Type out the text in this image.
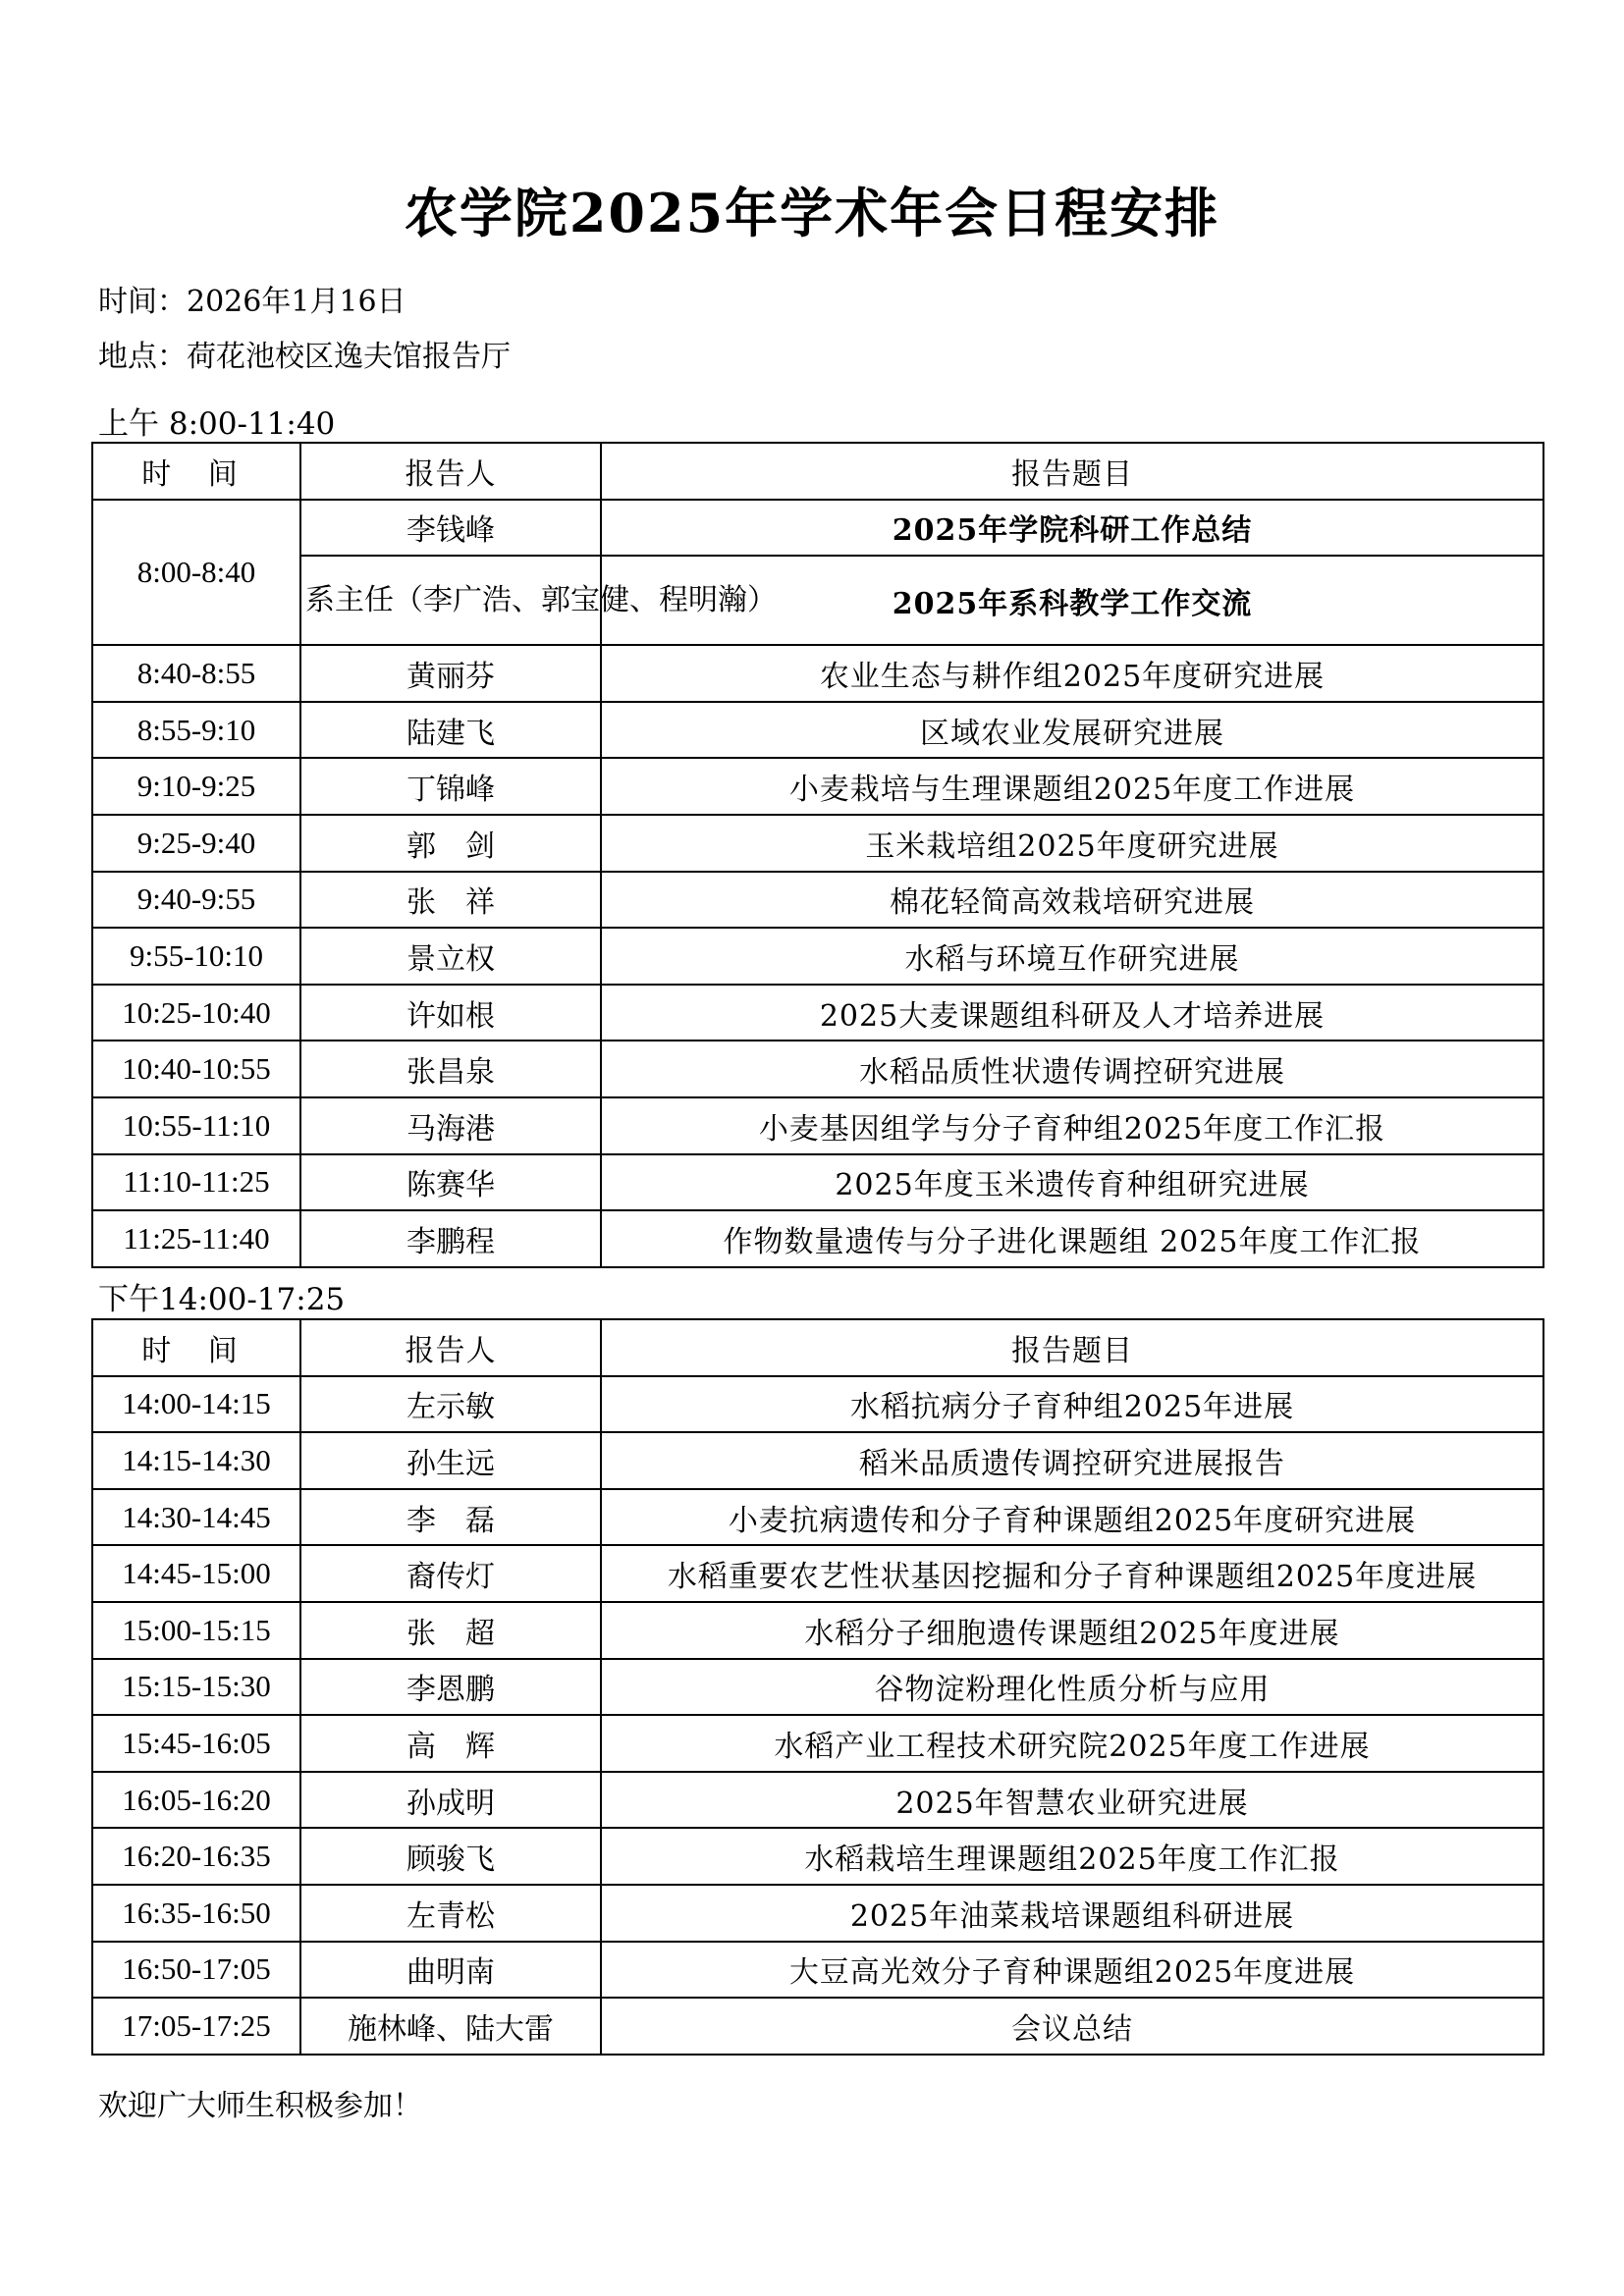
农学院2025年学术年会日程安排
时间：2026年1月16日
地点：荷花池校区逸夫馆报告厅
上午 8:00-11:40
时 间	报告人	报告题目
8:00-8:40	李钱峰	2025年学院科研工作总结
	系主任（李广浩、郭宝健、程明瀚）	2025年系科教学工作交流
8:40-8:55	黄丽芬	农业生态与耕作组2025年度研究进展
8:55-9:10	陆建飞	区域农业发展研究进展
9:10-9:25	丁锦峰	小麦栽培与生理课题组2025年度工作进展
9:25-9:40	郭　剑	玉米栽培组2025年度研究进展
9:40-9:55	张　祥	棉花轻简高效栽培研究进展
9:55-10:10	景立权	水稻与环境互作研究进展
10:25-10:40	许如根	2025大麦课题组科研及人才培养进展
10:40-10:55	张昌泉	水稻品质性状遗传调控研究进展
10:55-11:10	马海港	小麦基因组学与分子育种组2025年度工作汇报
11:10-11:25	陈赛华	2025年度玉米遗传育种组研究进展
11:25-11:40	李鹏程	作物数量遗传与分子进化课题组 2025年度工作汇报
下午14:00-17:25
时 间	报告人	报告题目
14:00-14:15	左示敏	水稻抗病分子育种组2025年进展
14:15-14:30	孙生远	稻米品质遗传调控研究进展报告
14:30-14:45	李　磊	小麦抗病遗传和分子育种课题组2025年度研究进展
14:45-15:00	裔传灯	水稻重要农艺性状基因挖掘和分子育种课题组2025年度进展
15:00-15:15	张　超	水稻分子细胞遗传课题组2025年度进展
15:15-15:30	李恩鹏	谷物淀粉理化性质分析与应用
15:45-16:05	高　辉	水稻产业工程技术研究院2025年度工作进展
16:05-16:20	孙成明	2025年智慧农业研究进展
16:20-16:35	顾骏飞	水稻栽培生理课题组2025年度工作汇报
16:35-16:50	左青松	2025年油菜栽培课题组科研进展
16:50-17:05	曲明南	大豆高光效分子育种课题组2025年度进展
17:05-17:25	施林峰、陆大雷	会议总结
欢迎广大师生积极参加！
